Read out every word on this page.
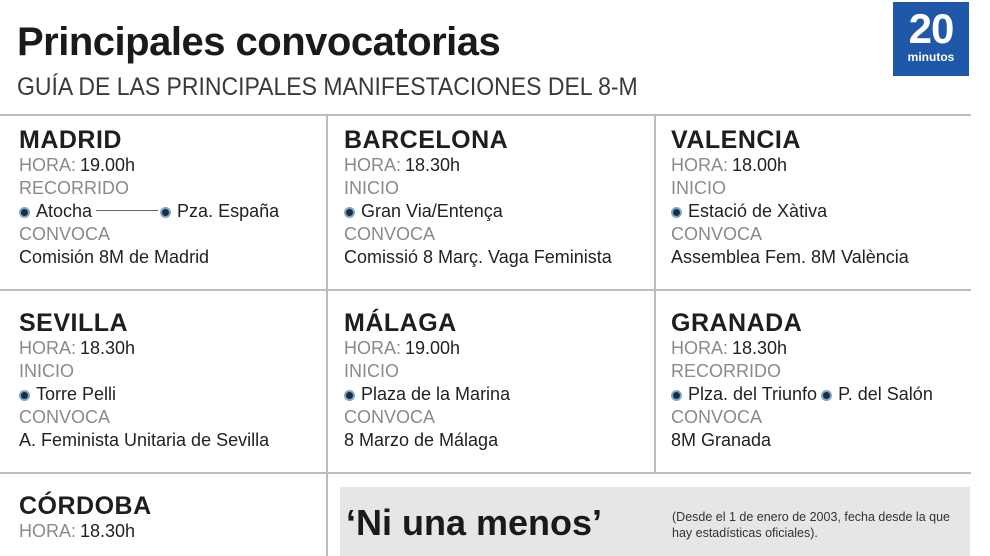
Principales convocatorias
GUÍA DE LAS PRINCIPALES MANIFESTACIONES DEL 8-M
20
minutos
MADRID
HORA: 19.00h
RECORRIDO
Atocha	Pza. España
CONVOCA
Comisión 8M de Madrid
BARCELONA
HORA: 18.30h
INICIO
Gran Via/Entença
CONVOCA
Comissió 8 Març. Vaga Feminista
VALENCIA
HORA: 18.00h
INICIO
Estació de Xàtiva
CONVOCA
Assemblea Fem. 8M València
SEVILLA
HORA: 18.30h
INICIO
Torre Pelli
CONVOCA
A. Feminista Unitaria de Sevilla
MÁLAGA
HORA: 19.00h
INICIO
Plaza de la Marina
CONVOCA
8 Marzo de Málaga
GRANADA
HORA: 18.30h
RECORRIDO
Plza. del Triunfo P. del Salón
CONVOCA
8M Granada
CÓRDOBA
HORA: 18.30h	‘Ni una menos’	(Desde el 1 de enero de 2003, fecha desde la que hay estadísticas oficiales).
